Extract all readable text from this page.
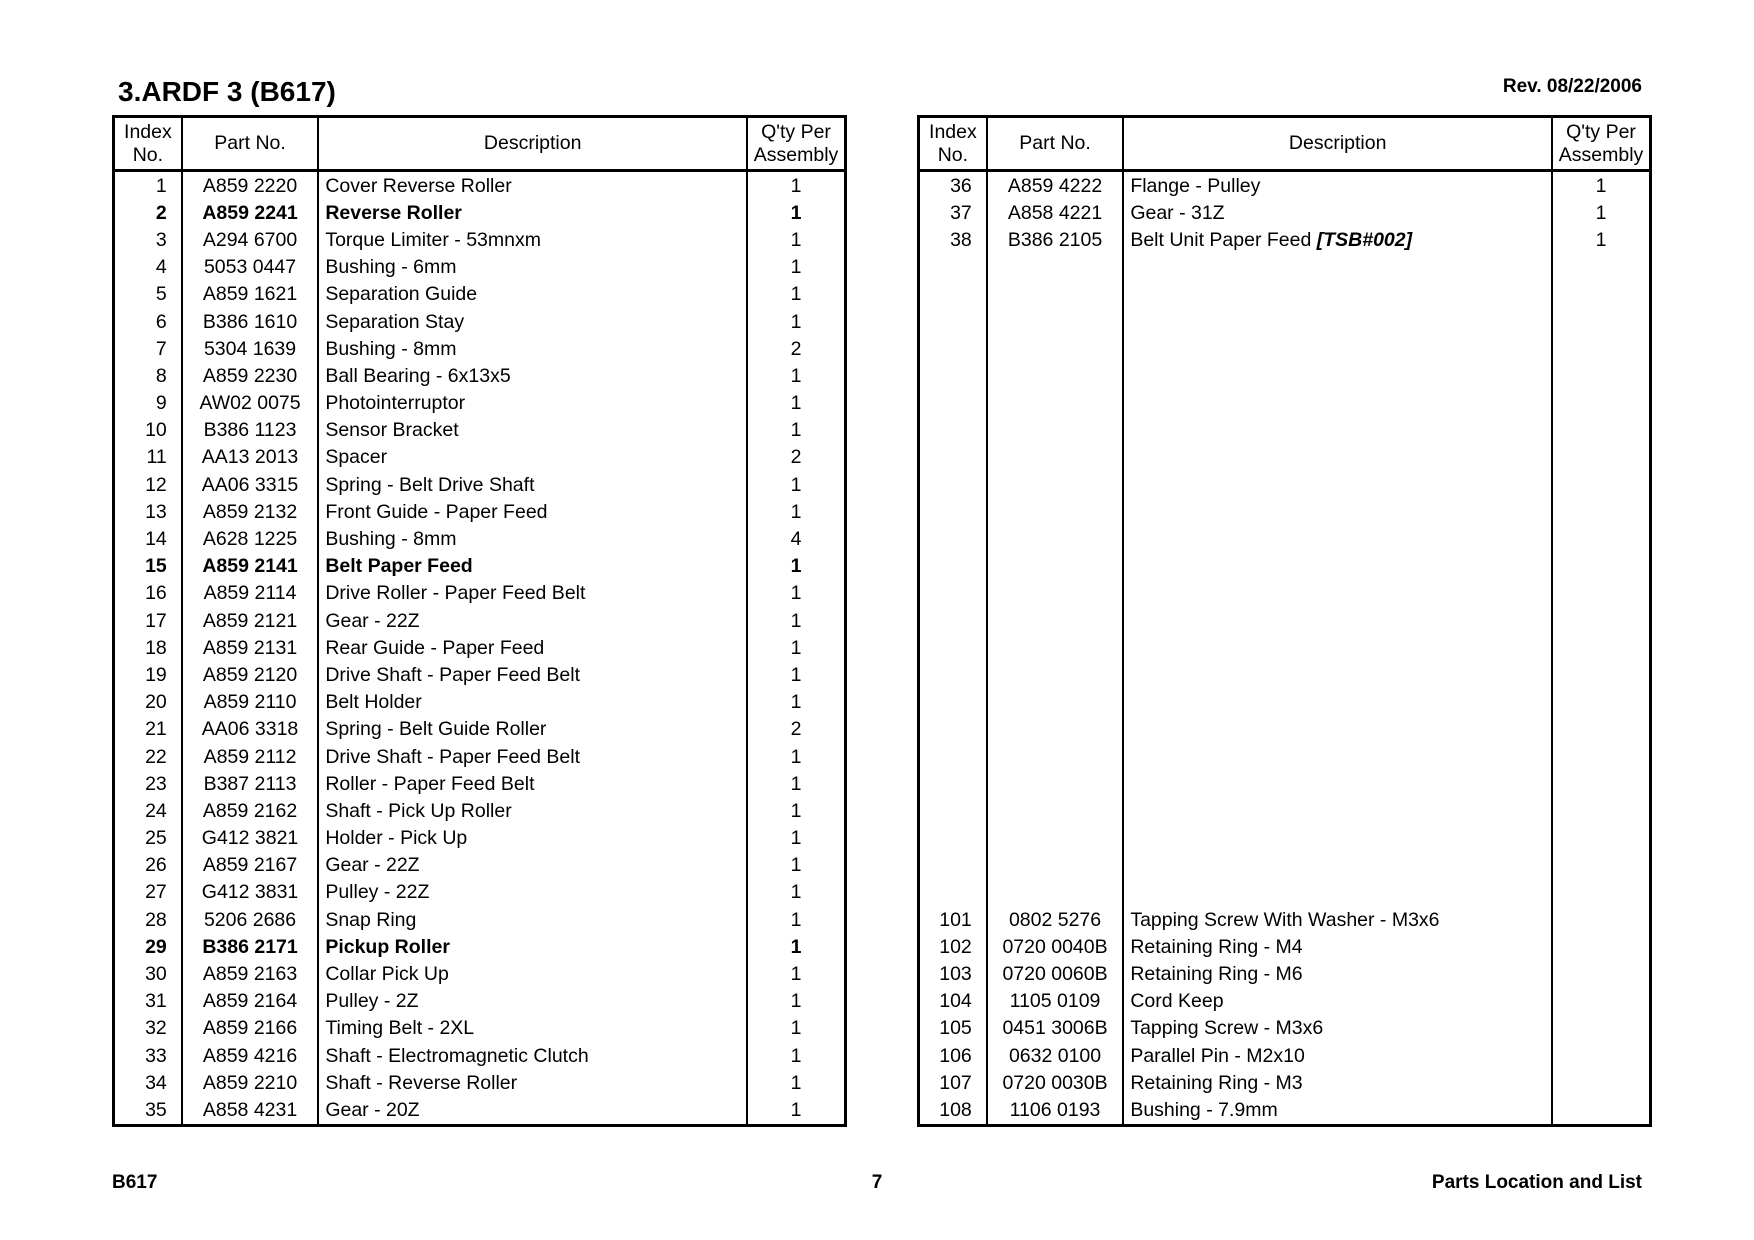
3.ARDF 3 (B617)	Rev. 08/22/2006
Index
No.	Part No.	Description	Q'ty Per
Assembly
1	A859 2220	Cover Reverse Roller	1
2	A859 2241	Reverse Roller	1
3	A294 6700	Torque Limiter - 53mnxm	1
4	5053 0447	Bushing - 6mm	1
5	A859 1621	Separation Guide	1
6	B386 1610	Separation Stay	1
7	5304 1639	Bushing - 8mm	2
8	A859 2230	Ball Bearing - 6x13x5	1
9	AW02 0075	Photointerruptor	1
10	B386 1123	Sensor Bracket	1
11	AA13 2013	Spacer	2
12	AA06 3315	Spring - Belt Drive Shaft	1
13	A859 2132	Front Guide - Paper Feed	1
14	A628 1225	Bushing - 8mm	4
15	A859 2141	Belt Paper Feed	1
16	A859 2114	Drive Roller - Paper Feed Belt	1
17	A859 2121	Gear - 22Z	1
18	A859 2131	Rear Guide - Paper Feed	1
19	A859 2120	Drive Shaft - Paper Feed Belt	1
20	A859 2110	Belt Holder	1
21	AA06 3318	Spring - Belt Guide Roller	2
22	A859 2112	Drive Shaft - Paper Feed Belt	1
23	B387 2113	Roller - Paper Feed Belt	1
24	A859 2162	Shaft - Pick Up Roller	1
25	G412 3821	Holder - Pick Up	1
26	A859 2167	Gear - 22Z	1
27	G412 3831	Pulley - 22Z	1
28	5206 2686	Snap Ring	1
29	B386 2171	Pickup Roller	1
30	A859 2163	Collar Pick Up	1
31	A859 2164	Pulley - 2Z	1
32	A859 2166	Timing Belt - 2XL	1
33	A859 4216	Shaft - Electromagnetic Clutch	1
34	A859 2210	Shaft - Reverse Roller	1
35	A858 4231	Gear - 20Z	1
Index
No.	Part No.	Description	Q'ty Per
Assembly
36	A859 4222	Flange - Pulley	1
37	A858 4221	Gear - 31Z	1
38	B386 2105	Belt Unit Paper Feed [TSB#002]	1

101	0802 5276	Tapping Screw With Washer - M3x6	
102	0720 0040B	Retaining Ring - M4	
103	0720 0060B	Retaining Ring - M6	
104	1105 0109	Cord Keep	
105	0451 3006B	Tapping Screw - M3x6	
106	0632 0100	Parallel Pin - M2x10	
107	0720 0030B	Retaining Ring - M3	
108	1106 0193	Bushing - 7.9mm	
B617	7	Parts Location and List
